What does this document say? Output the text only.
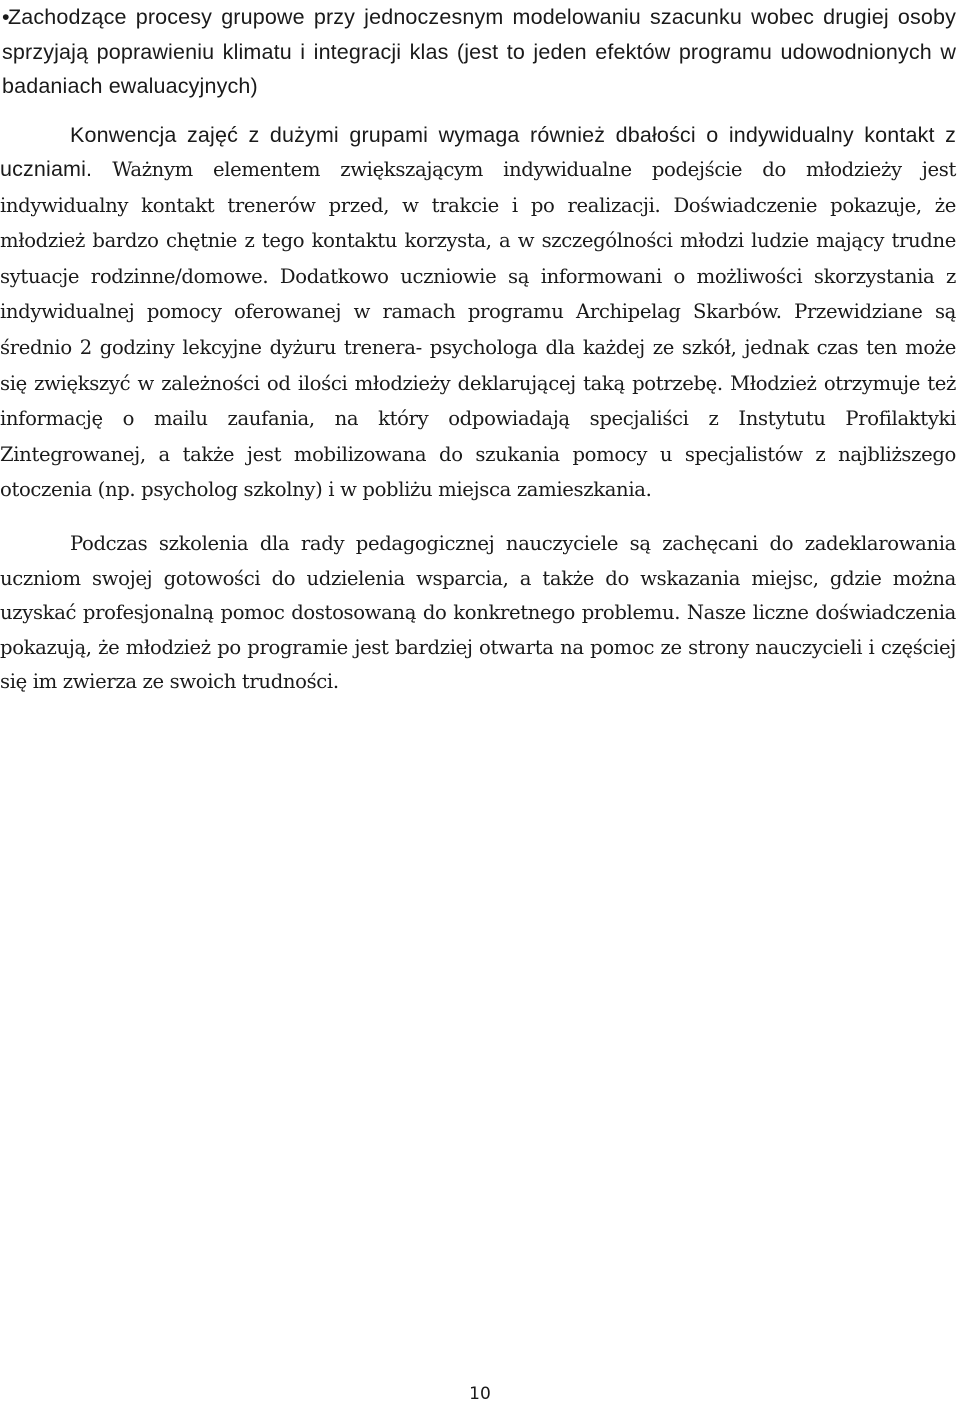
•Zachodzące procesy grupowe przy jednoczesnym modelowaniu szacunku wobec drugiej osoby sprzyjają poprawieniu klimatu i integracji klas (jest to jeden efektów programu udowodnionych w badaniach ewaluacyjnych)

Konwencja zajęć z dużymi grupami wymaga również dbałości o indywidualny kontakt z uczniami. Ważnym elementem zwiększającym indywidualne podejście do młodzieży jest indywidualny kontakt trenerów przed, w trakcie i po realizacji. Doświadczenie pokazuje, że młodzież bardzo chętnie z tego kontaktu korzysta, a w szczególności młodzi ludzie mający trudne sytuacje rodzinne/domowe. Dodatkowo uczniowie są informowani o możliwości skorzystania z indywidualnej pomocy oferowanej w ramach programu Archipelag Skarbów. Przewidziane są średnio 2 godziny lekcyjne dyżuru trenera- psychologa dla każdej ze szkół, jednak czas ten może się zwiększyć w zależności od ilości młodzieży deklarującej taką potrzebę. Młodzież otrzymuje też informację o mailu zaufania, na który odpowiadają specjaliści z Instytutu Profilaktyki Zintegrowanej, a także jest mobilizowana do szukania pomocy u specjalistów z najbliższego otoczenia (np. psycholog szkolny) i w pobliżu miejsca zamieszkania.

Podczas szkolenia dla rady pedagogicznej nauczyciele są zachęcani do zadeklarowania uczniom swojej gotowości do udzielenia wsparcia, a także do wskazania miejsc, gdzie można uzyskać profesjonalną pomoc dostosowaną do konkretnego problemu. Nasze liczne doświadczenia pokazują, że młodzież po programie jest bardziej otwarta na pomoc ze strony nauczycieli i częściej się im zwierza ze swoich trudności.

10
